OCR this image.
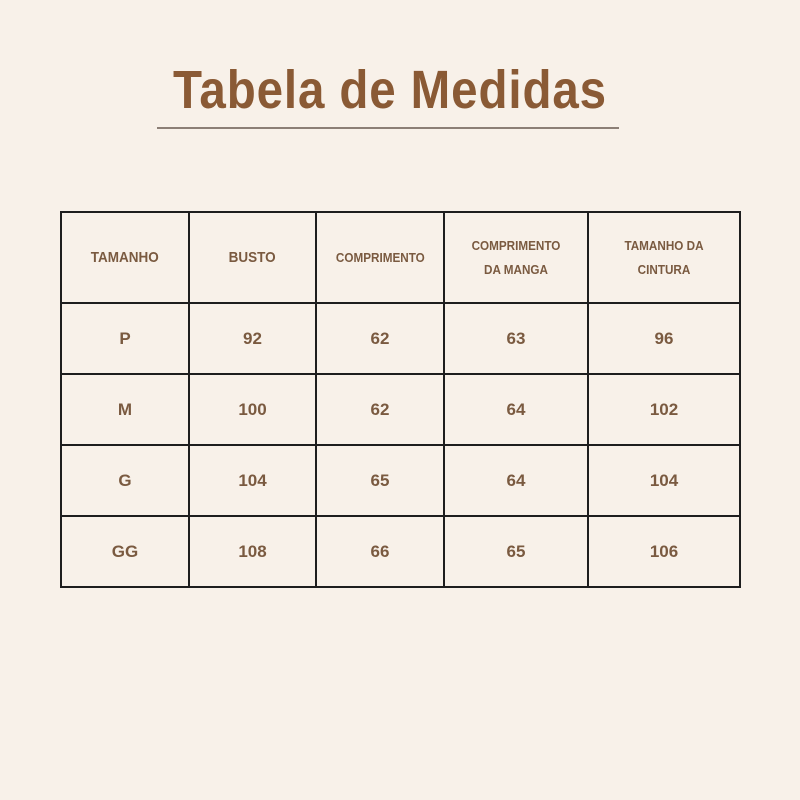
Tabela de Medidas
TAMANHO	BUSTO	COMPRIMENTO	COMPRIMENTO DA MANGA	TAMANHO DA CINTURA
P	92	62	63	96
M	100	62	64	102
G	104	65	64	104
GG	108	66	65	106
